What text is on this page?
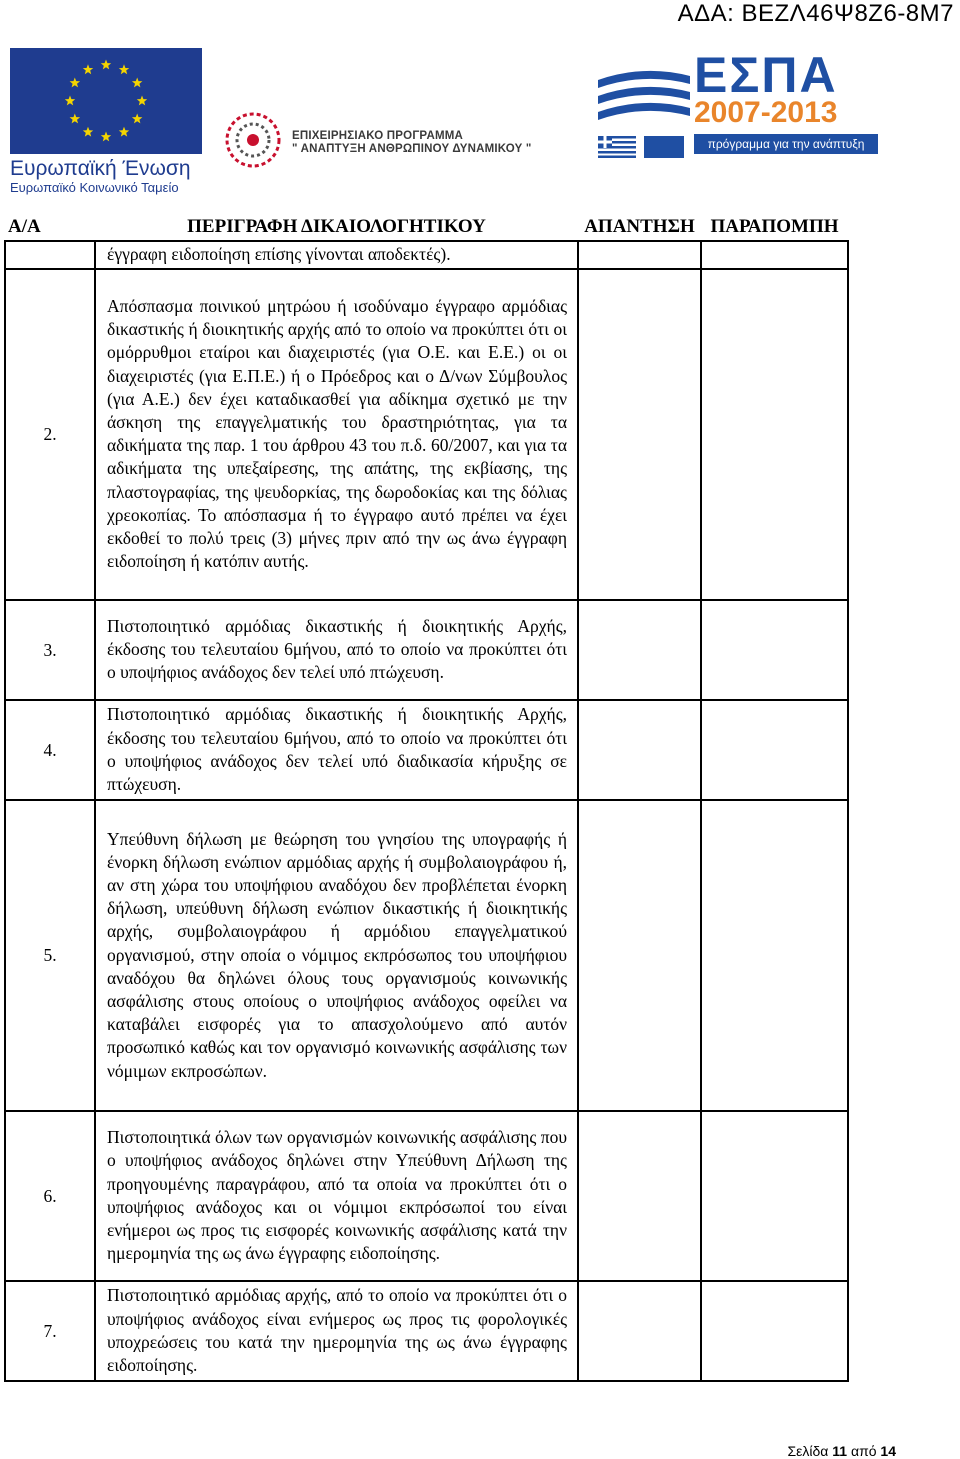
ΑΔΑ: ΒΕΖΛ46Ψ8Ζ6-8Μ7
Ευρωπαϊκή Ένωση
Ευρωπαϊκό Κοινωνικό Ταμείο
ΕΠΙΧΕΙΡΗΣΙΑΚΟ ΠΡΟΓΡΑΜΜΑ
" ΑΝΑΠΤΥΞΗ ΑΝΘΡΩΠΙΝΟΥ ΔΥΝΑΜΙΚΟΥ "
ΕΣΠΑ
2007-2013
πρόγραμμα για την ανάπτυξη
Α/Α	ΠΕΡΙΓΡΑΦΗ ΔΙΚΑΙΟΛΟΓΗΤΙΚΟΥ	ΑΠΑΝΤΗΣΗ	ΠΑΡΑΠΟΜΠΗ
	έγγραφη ειδοποίηση επίσης γίνονται αποδεκτές).		
2.	Απόσπασμα ποινικού μητρώου ή ισοδύναμο έγγραφο αρμόδιας δικαστικής ή διοικητικής αρχής από το οποίο να προκύπτει ότι οι ομόρρυθμοι εταίροι και διαχειριστές (για Ο.Ε. και Ε.Ε.) οι οι διαχειριστές (για Ε.Π.Ε.) ή ο Πρόεδρος και ο Δ/νων Σύμβουλος (για Α.Ε.) δεν έχει καταδικασθεί για αδίκημα σχετικό με την άσκηση της επαγγελματικής του δραστηριότητας, για τα αδικήματα της παρ. 1 του άρθρου 43 του π.δ. 60/2007, και για τα αδικήματα της υπεξαίρεσης, της απάτης, της εκβίασης, της πλαστογραφίας, της ψευδορκίας, της δωροδοκίας και της δόλιας χρεοκοπίας. Το απόσπασμα ή το έγγραφο αυτό πρέπει να έχει εκδοθεί το πολύ τρεις (3) μήνες πριν από την ως άνω έγγραφη ειδοποίηση ή κατόπιν αυτής.		
3.	Πιστοποιητικό αρμόδιας δικαστικής ή διοικητικής Αρχής, έκδοσης του τελευταίου 6μήνου, από το οποίο να προκύπτει ότι ο υποψήφιος ανάδοχος δεν τελεί υπό πτώχευση.		
4.	Πιστοποιητικό αρμόδιας δικαστικής ή διοικητικής Αρχής, έκδοσης του τελευταίου 6μήνου, από το οποίο να προκύπτει ότι ο υποψήφιος ανάδοχος δεν τελεί υπό διαδικασία κήρυξης σε πτώχευση.		
5.	Υπεύθυνη δήλωση με θεώρηση του γνησίου της υπογραφής ή ένορκη δήλωση ενώπιον αρμόδιας αρχής ή συμβολαιογράφου ή, αν στη χώρα του υποψήφιου αναδόχου δεν προβλέπεται ένορκη δήλωση, υπεύθυνη δήλωση ενώπιον δικαστικής ή διοικητικής αρχής, συμβολαιογράφου ή αρμόδιου επαγγελματικού οργανισμού, στην οποία ο νόμιμος εκπρόσωπος του υποψήφιου αναδόχου θα δηλώνει όλους τους οργανισμούς κοινωνικής ασφάλισης στους οποίους ο υποψήφιος ανάδοχος οφείλει να καταβάλει εισφορές για το απασχολούμενο από αυτόν προσωπικό καθώς και τον οργανισμό κοινωνικής ασφάλισης των νόμιμων εκπροσώπων.		
6.	Πιστοποιητικά όλων των οργανισμών κοινωνικής ασφάλισης που ο υποψήφιος ανάδοχος δηλώνει στην Υπεύθυνη Δήλωση της προηγουμένης παραγράφου, από τα οποία να προκύπτει ότι ο υποψήφιος ανάδοχος και οι νόμιμοι εκπρόσωποί του είναι ενήμεροι ως προς τις εισφορές κοινωνικής ασφάλισης κατά την ημερομηνία της ως άνω έγγραφης ειδοποίησης.		
7.	Πιστοποιητικό αρμόδιας αρχής, από το οποίο να προκύπτει ότι ο υποψήφιος ανάδοχος είναι ενήμερος ως προς τις φορολογικές υποχρεώσεις του κατά την ημερομηνία της ως άνω έγγραφης ειδοποίησης.		
Σελίδα 11 από 14
